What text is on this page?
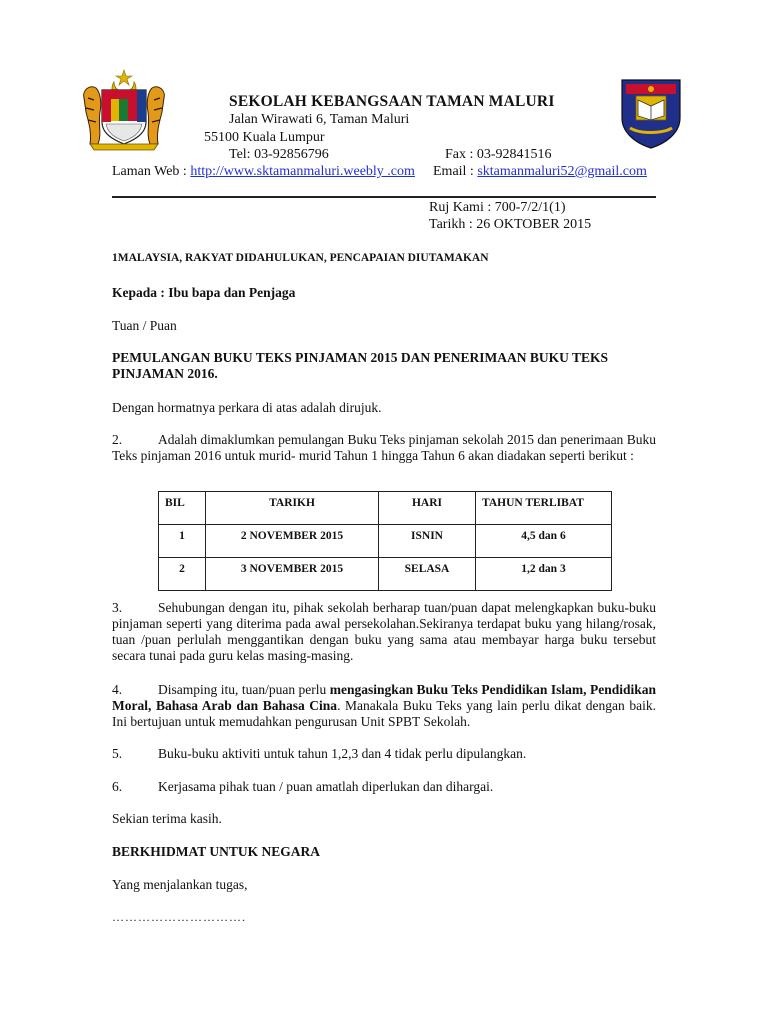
SEKOLAH KEBANGSAAN TAMAN MALURI
Jalan Wirawati 6, Taman Maluri
55100 Kuala Lumpur
Tel: 03-92856796	Fax : 03-92841516
Laman Web : http://www.sktamanmaluri.weebly .com Email : sktamanmaluri52@gmail.com
Ruj Kami : 700-7/2/1(1)
Tarikh : 26 OKTOBER 2015
1MALAYSIA, RAKYAT DIDAHULUKAN, PENCAPAIAN DIUTAMAKAN
Kepada : Ibu bapa dan Penjaga
Tuan / Puan
PEMULANGAN BUKU TEKS PINJAMAN 2015 DAN PENERIMAAN BUKU TEKS PINJAMAN 2016.
Dengan hormatnya perkara di atas adalah dirujuk.
2.	Adalah dimaklumkan pemulangan Buku Teks pinjaman sekolah 2015 dan penerimaan Buku Teks pinjaman 2016 untuk murid- murid Tahun 1 hingga Tahun 6 akan diadakan seperti berikut :
BIL	TARIKH	HARI	TAHUN TERLIBAT
1	2 NOVEMBER 2015	ISNIN	4,5 dan 6
2	3 NOVEMBER 2015	SELASA	1,2 dan 3
3.	Sehubungan dengan itu, pihak sekolah berharap tuan/puan dapat melengkapkan buku-buku pinjaman seperti yang diterima pada awal persekolahan.Sekiranya terdapat buku yang hilang/rosak, tuan /puan perlulah menggantikan dengan buku yang sama atau membayar harga buku tersebut secara tunai pada guru kelas masing-masing.
4.	Disamping itu, tuan/puan perlu mengasingkan Buku Teks Pendidikan Islam, Pendidikan Moral, Bahasa Arab dan Bahasa Cina. Manakala Buku Teks yang lain perlu dikat dengan baik. Ini bertujuan untuk memudahkan pengurusan Unit SPBT Sekolah.
5.	Buku-buku aktiviti untuk tahun 1,2,3 dan 4 tidak perlu dipulangkan.
6.	Kerjasama pihak tuan / puan amatlah diperlukan dan dihargai.
Sekian terima kasih.
BERKHIDMAT UNTUK NEGARA
Yang menjalankan tugas,
………………………….
